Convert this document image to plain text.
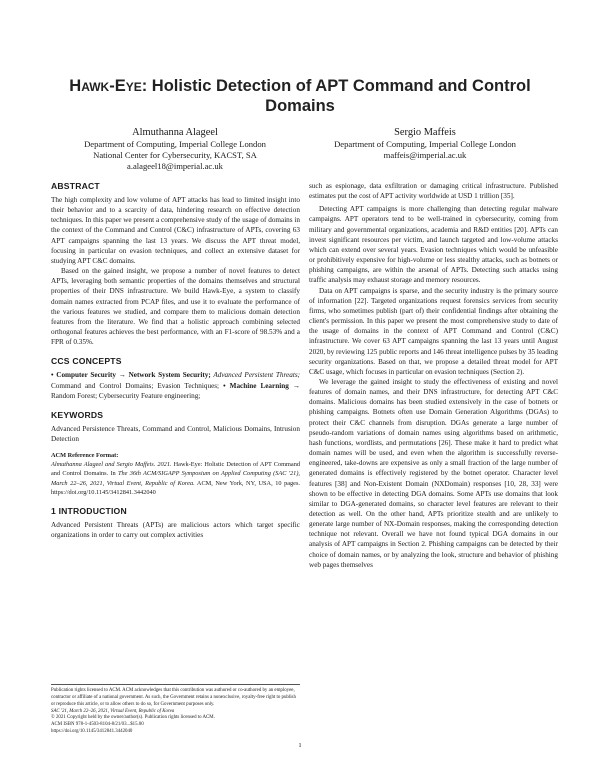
Hawk-Eye: Holistic Detection of APT Command and Control Domains
Almuthanna Alageel
Department of Computing, Imperial College London
National Center for Cybersecurity, KACST, SA
a.alageel18@imperial.ac.uk
Sergio Maffeis
Department of Computing, Imperial College London
maffeis@imperial.ac.uk
ABSTRACT

The high complexity and low volume of APT attacks has lead to limited insight into their behavior and to a scarcity of data, hindering research on effective detection techniques. In this paper we present a comprehensive study of the usage of domains in the context of the Command and Control (C&C) infrastructure of APTs, covering 63 APT campaigns spanning the last 13 years. We discuss the APT threat model, focusing in particular on evasion techniques, and collect an extensive dataset for studying APT C&C domains.

Based on the gained insight, we propose a number of novel features to detect APTs, leveraging both semantic properties of the domains themselves and structural properties of their DNS infrastructure. We build Hawk-Eye, a system to classify domain names extracted from PCAP files, and use it to evaluate the performance of the various features we studied, and compare them to malicious domain detection features from the literature. We find that a holistic approach combining selected orthogonal features achieves the best performance, with an F1-score of 98.53% and a FPR of 0.35%.

CCS CONCEPTS

• Computer Security → Network System Security; Advanced Persistent Threats; Command and Control Domains; Evasion Techniques; • Machine Learning → Random Forest; Cybersecurity Feature engineering;

KEYWORDS

Advanced Persistence Threats, Command and Control, Malicious Domains, Intrusion Detection

ACM Reference Format:

Almuthanna Alageel and Sergio Maffeis. 2021. Hawk-Eye: Holistic Detection of APT Command and Control Domains. In The 36th ACM/SIGAPP Symposium on Applied Computing (SAC '21), March 22–26, 2021, Virtual Event, Republic of Korea. ACM, New York, NY, USA, 10 pages. https://doi.org/10.1145/3412841.3442040

1 INTRODUCTION

Advanced Persistent Threats (APTs) are malicious actors which target specific organizations in order to carry out complex activities

Publication rights licensed to ACM. ACM acknowledges that this contribution was authored or co-authored by an employee, contractor or affiliate of a national government. As such, the Government retains a nonexclusive, royalty-free right to publish or reproduce this article, or to allow others to do so, for Government purposes only.

SAC '21, March 22–26, 2021, Virtual Event, Republic of Korea

© 2021 Copyright held by the owner/author(s). Publication rights licensed to ACM.

ACM ISBN 978-1-4503-8104-8/21/03...$15.00

https://doi.org/10.1145/3412841.3442040

such as espionage, data exfiltration or damaging critical infrastructure. Published estimates put the cost of APT activity worldwide at USD 1 trillion [35].

Detecting APT campaigns is more challenging than detecting regular malware campaigns. APT operators tend to be well-trained in cybersecurity, coming from military and governmental organizations, academia and R&D entities [20]. APTs can invest significant resources per victim, and launch targeted and low-volume attacks which can extend over several years. Evasion techniques which would be unfeasible or prohibitively expensive for high-volume or less stealthy attacks, such as botnets or phishing campaigns, are within the arsenal of APTs. Detecting such attacks using traffic analysis may exhaust storage and memory resources.

Data on APT campaigns is sparse, and the security industry is the primary source of information [22]. Targeted organizations request forensics services from security firms, who sometimes publish (part of) their confidential findings after obtaining the client's permission. In this paper we present the most comprehensive study to date of the usage of domains in the context of APT Command and Control (C&C) infrastructure. We cover 63 APT campaigns spanning the last 13 years until August 2020, by reviewing 125 public reports and 146 threat intelligence pulses by 35 leading security organizations. Based on that, we propose a detailed threat model for APT C&C usage, which focuses in particular on evasion techniques (Section 2).

We leverage the gained insight to study the effectiveness of existing and novel features of domain names, and their DNS infrastructure, for detecting APT C&C domains. Malicious domains has been studied extensively in the case of botnets or phishing campaigns. Botnets often use Domain Generation Algorithms (DGAs) to protect their C&C channels from disruption. DGAs generate a large number of pseudo-random variations of domain names using algorithms based on arithmetic, hash functions, wordlists, and permutations [26]. These make it hard to predict what domain names will be used, and even when the algorithm is successfully reverse-engineered, take-downs are expensive as only a small fraction of the large number of generated domains is effectively registered by the botnet operator. Character level features [38] and Non-Existent Domain (NXDomain) responses [10, 28, 33] were shown to be effective in detecting DGA domains. Some APTs use domains that look similar to DGA-generated domains, so character level features are relevant to their detection as well. On the other hand, APTs prioritize stealth and are unlikely to generate large number of NX-Domain responses, making the corresponding detection technique not relevant. Overall we have not found typical DGA domains in our analysis of APT campaigns in Section 2. Phishing campaigns can be detected by their choice of domain names, or by analyzing the look, structure and behavior of phishing web pages themselves

1
